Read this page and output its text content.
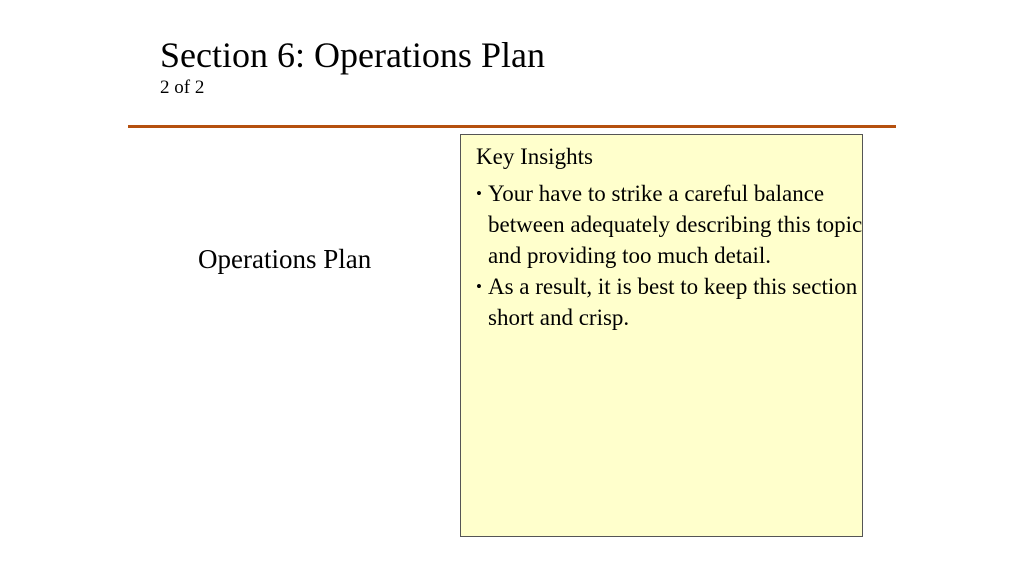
Section 6: Operations Plan
2 of 2
Operations Plan
Key Insights
• Your have to strike a careful balance between adequately describing this topic and providing too much detail.
• As a result, it is best to keep this section short and crisp.
